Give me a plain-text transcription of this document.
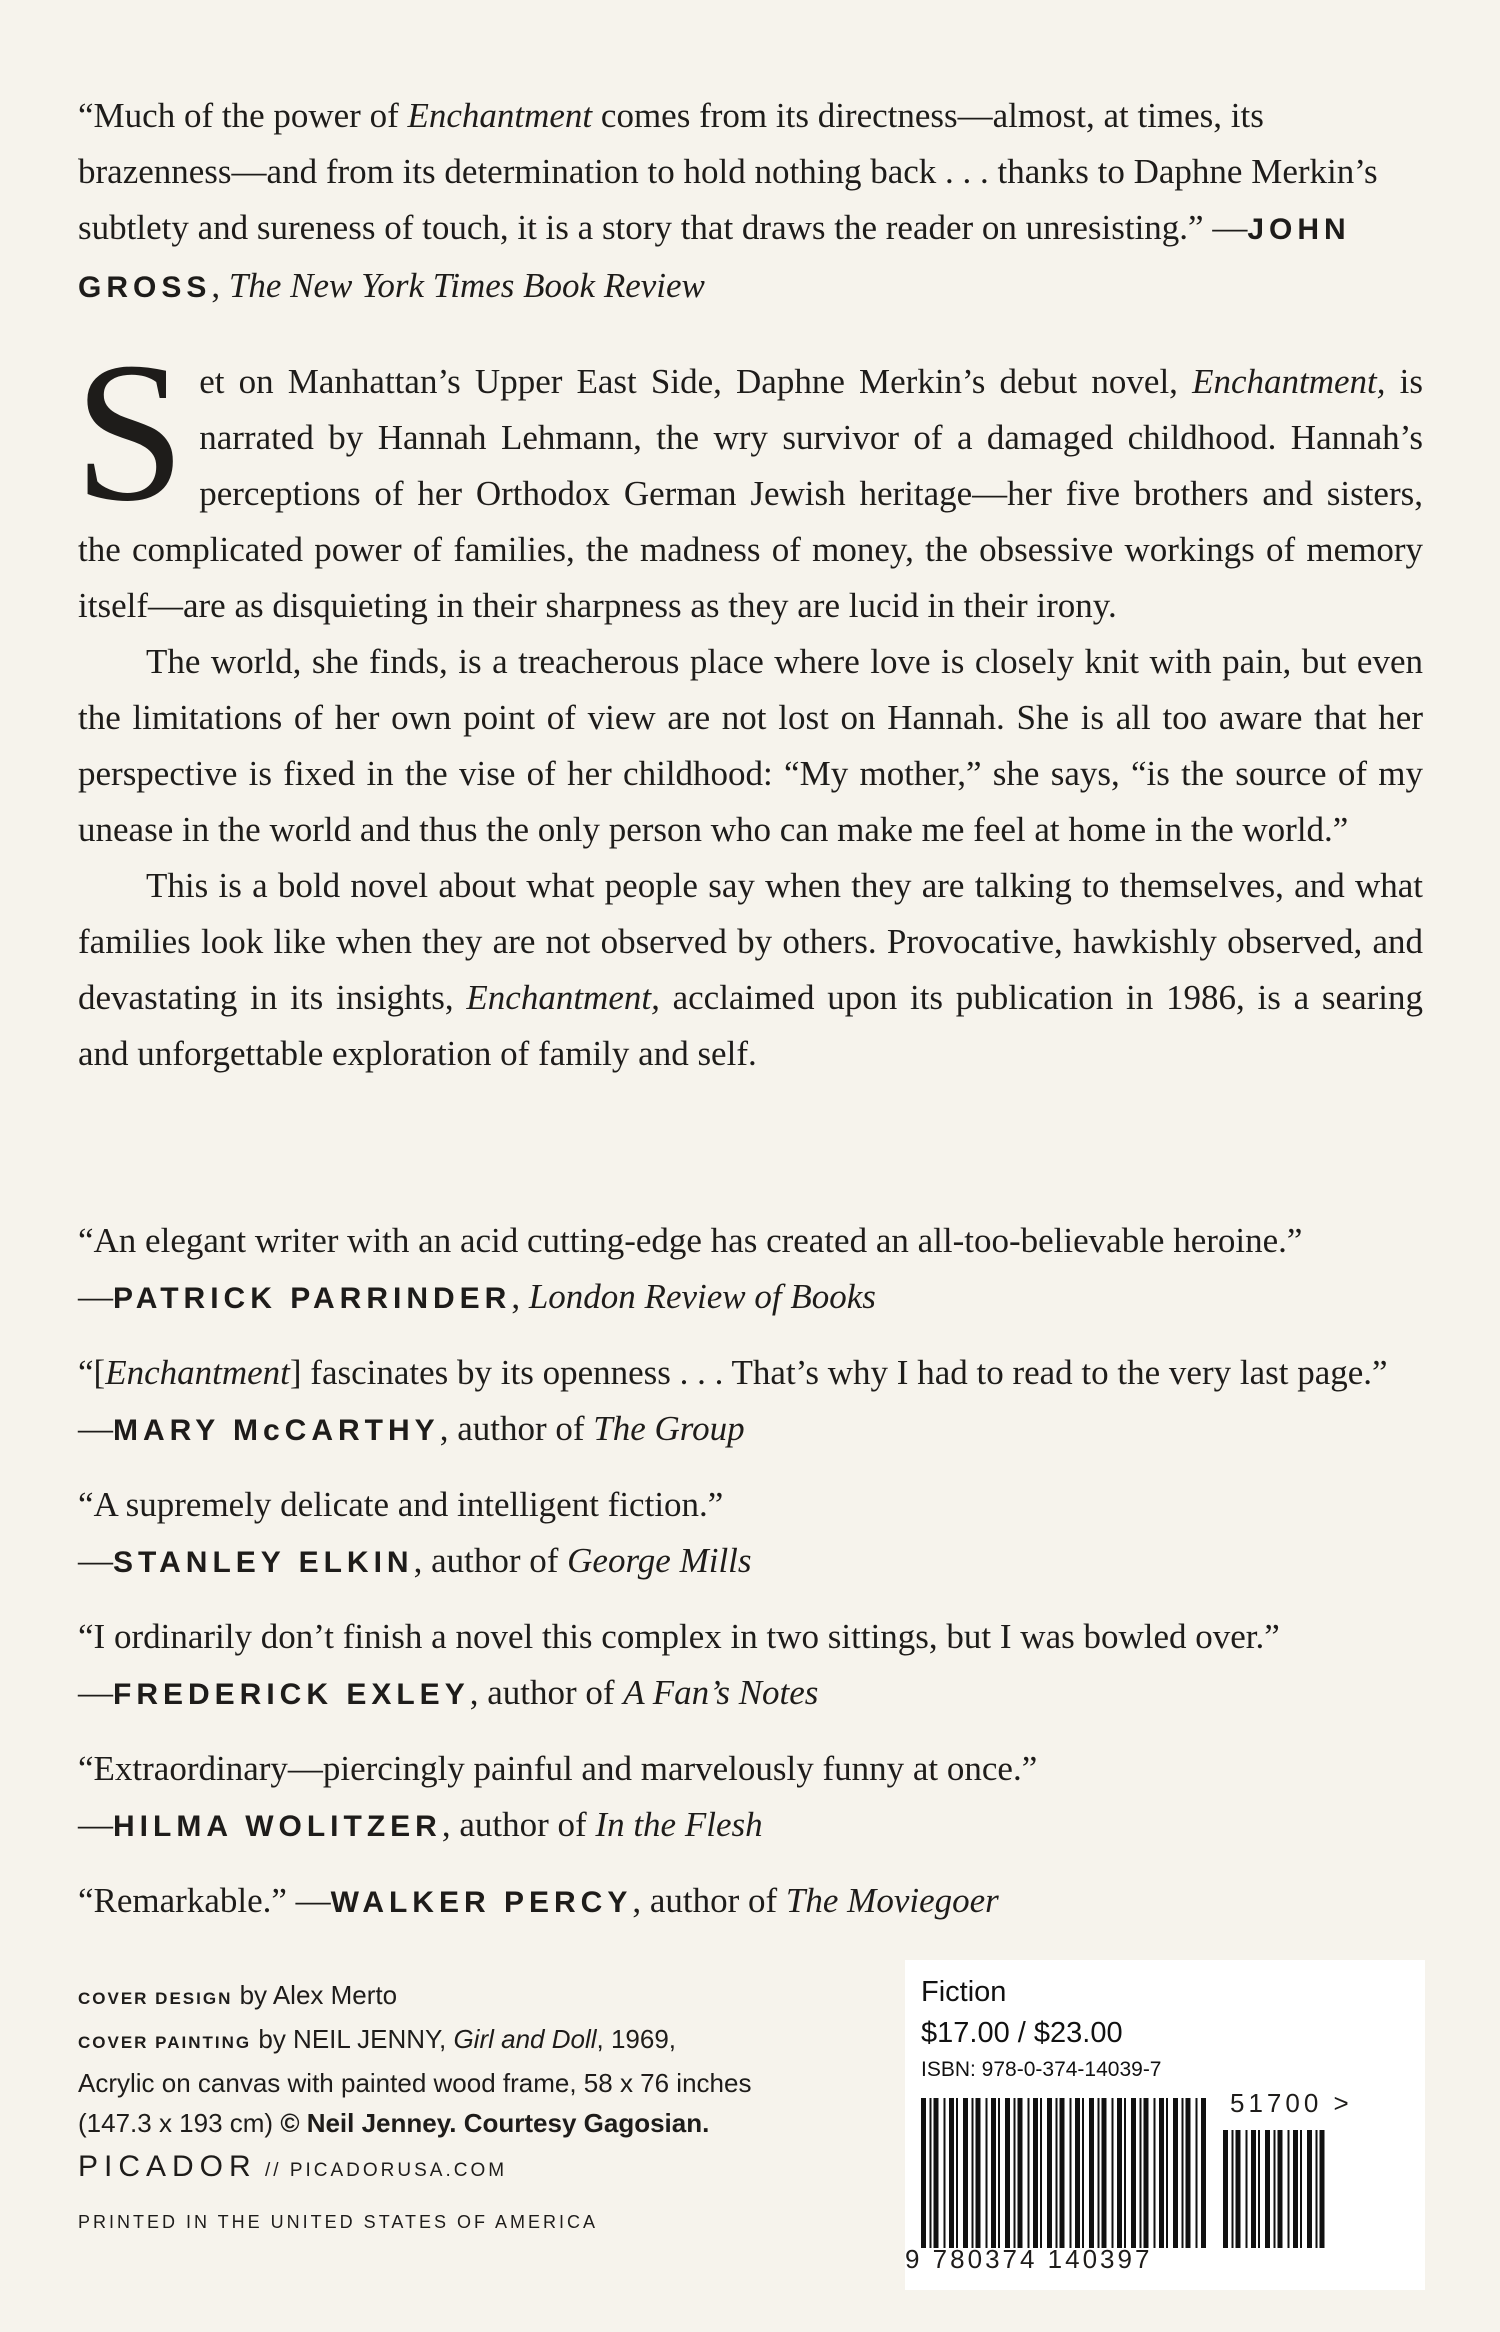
“Much of the power of Enchantment comes from its directness—almost, at times, its brazenness—and from its determination to hold nothing back . . . thanks to Daphne Merkin’s subtlety and sureness of touch, it is a story that draws the reader on unresisting.” —JOHN GROSS, The New York Times Book Review

Set on Manhattan’s Upper East Side, Daphne Merkin’s debut novel, Enchantment, is narrated by Hannah Lehmann, the wry survivor of a damaged childhood. Hannah’s perceptions of her Orthodox German Jewish heritage—her five brothers and sisters, the complicated power of families, the madness of money, the obsessive workings of memory itself—are as disquieting in their sharpness as they are lucid in their irony.

The world, she finds, is a treacherous place where love is closely knit with pain, but even the limitations of her own point of view are not lost on Hannah. She is all too aware that her perspective is fixed in the vise of her childhood: “My mother,” she says, “is the source of my unease in the world and thus the only person who can make me feel at home in the world.”

This is a bold novel about what people say when they are talking to themselves, and what families look like when they are not observed by others. Provocative, hawkishly observed, and devastating in its insights, Enchantment, acclaimed upon its publication in 1986, is a searing and unforgettable exploration of family and self.

“An elegant writer with an acid cutting-edge has created an all-too-believable heroine.”
—PATRICK PARRINDER, London Review of Books
“[Enchantment] fascinates by its openness . . . That’s why I had to read to the very last page.” —MARY McCARTHY, author of The Group
“A supremely delicate and intelligent fiction.”
—STANLEY ELKIN, author of George Mills
“I ordinarily don’t finish a novel this complex in two sittings, but I was bowled over.”
—FREDERICK EXLEY, author of A Fan’s Notes
“Extraordinary—piercingly painful and marvelously funny at once.”
—HILMA WOLITZER, author of In the Flesh
“Remarkable.” —WALKER PERCY, author of The Moviegoer
COVER DESIGN by Alex Merto
COVER PAINTING by NEIL JENNY, Girl and Doll, 1969,
Acrylic on canvas with painted wood frame, 58 x 76 inches
(147.3 x 193 cm) © Neil Jenney. Courtesy Gagosian.
PICADOR // PICADORUSA.COM
PRINTED IN THE UNITED STATES OF AMERICA
Fiction
$17.00 / $23.00
ISBN: 978-0-374-14039-7
51700 >
9 780374 140397
